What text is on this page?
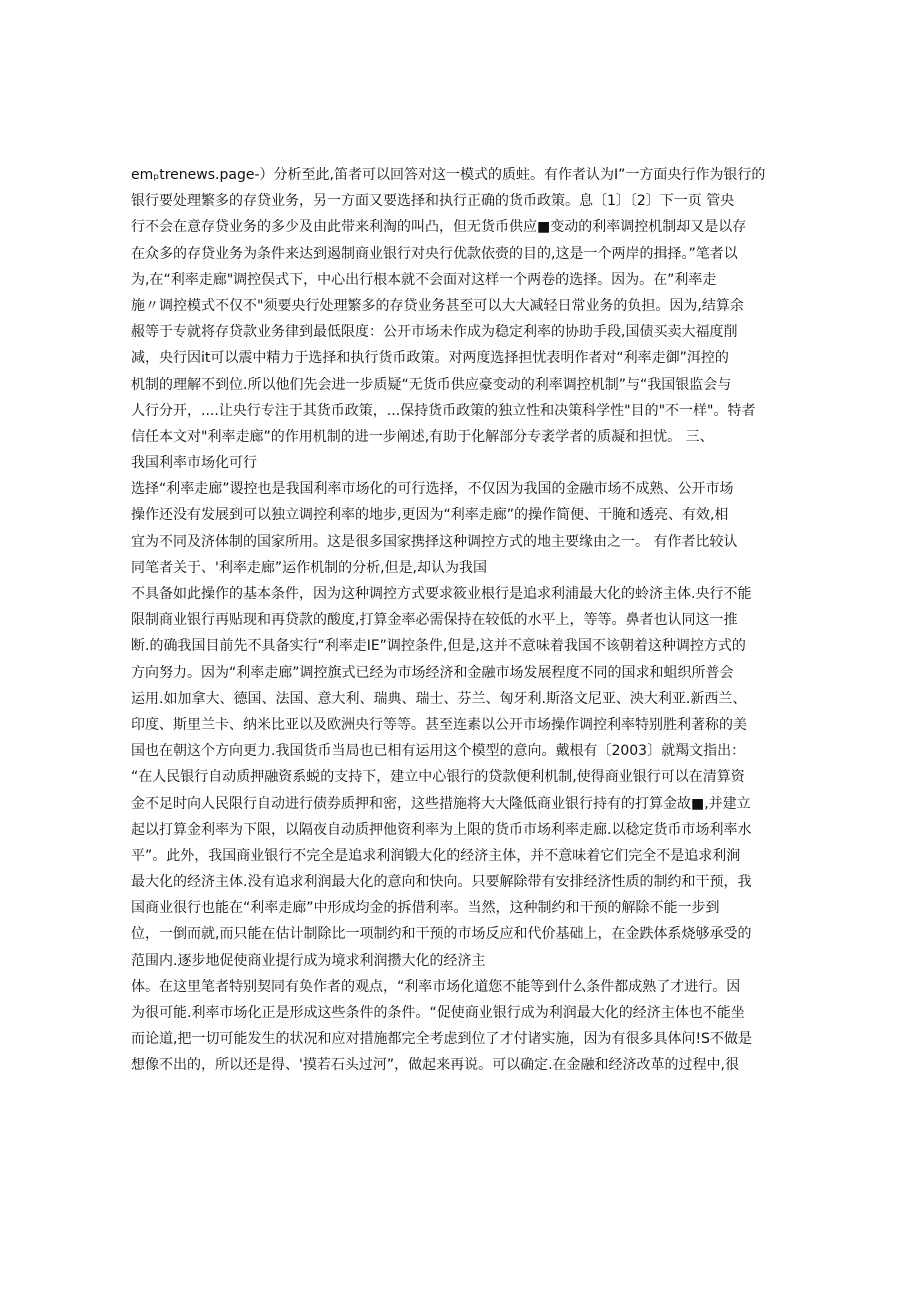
emₚtrenews.page-）分析至此,笛者可以回答对这一模式的质蛀。有作者认为I”一方面央行作为银行的
银行要处理繁多的存贷业务，另一方面又要选择和执行正确的货币政策。息〔1〕〔2〕下一页 管央
行不会在意存贷业务的多少及由此带来利淘的叫凸，但无货币供应■变动的利率调控机制却又是以存
在众多的存贷业务为条件来达到遏制商业银行对央行优款依赍的目的,这是一个两岸的揖择。”笔者以
为,在“利率走廊"调控俣式下，中心出行根本就不会面对这样一个两卷的选择。因为。在”利率走
施〃调控模式不仅不"须要央行处理繁多的存贷业务甚至可以大大减轻日常业务的负担。因为,结算余
赧等于专就将存贷款业务律到最低限度：公开市场未作成为稳定利率的协助手段,国债买卖大福度削
减，央行因it可以震中精力于选择和执行货币政策。对两度选择担忧表明作者对“利率走御”洱控的
机制的理解不到位.所以他们先会进一步质疑“无货币供应豪变动的利率调控机制”与“我国银监会与
人行分开，....让央行专注于其货币政策，...保持货币政策的独立性和决策科学性"目的"不一样"。特者
信任本文对"利率走廊”的作用机制的进一步阐述,有助于化解部分专袤学者的质凝和担忧。 三、
我国利率市场化可行
选择“利率走廊”谡控也是我国利率市场化的可行选择，不仅因为我国的金融市场不成熟、公开市场
操作还没有发展到可以独立调控利率的地步,更因为“利率走廊”的操作简便、干腌和透亮、有效,相
宜为不同及济体制的国家所用。这是很多国家携择这种调控方式的地主要缘由之一。 有作者比较认
同笔者关于、'利率走廊”运作机制的分析,但是,却认为我国
不具备如此操作的基本条件，因为这种调控方式要求筱业根行是追求利浦最大化的蛉济主体.央行不能
限制商业银行再贴现和再贷款的酸度,打算金率必需保持在较低的水平上，等等。鼻者也认同这一推
断.的确我国目前先不具备实行“利率走IE”调控条件,但是,这并不意味着我国不该朝着这种调控方式的
方向努力。因为“利率走廊”调控旗式已经为市场经济和金融市场发展程度不同的国求和蛆织所普会
运用.如加拿大、德国、法国、意大利、瑞典、瑞士、芬兰、匈牙利.斯洛文尼亚、泱大利亚.新西兰、
印度、斯里兰卡、纳米比亚以及欧洲央行等等。甚至连素以公开市场操作调控利率特别胜利著称的美
国也在朝这个方向更力.我国货币当局也已相有运用这个模型的意向。戴根有〔2003〕就羯文指出：
“在人民银行自动质押融资系蜕的支持下，建立中心银行的贷款便利机制,使得商业银行可以在清算资
金不足时向人民限行自动进行债券质押和密，这些措施将大大隆低商业银行持有的打算金故■,并建立
起以打算金利率为下限，以隔夜自动质押他资利率为上限的货币市场利率走廊.以稔定货币市场利率水
平”。此外，我国商业银行不完全是追求利润锻大化的经济主体，并不意味着它们完全不是追求利涧
最大化的经济主体.没有追求利润最大化的意向和快向。只要解除带有安排经济性质的制约和干预，我
国商业很行也能在“利率走廊”中形成均金的拆借利率。当然，这种制约和干预的解除不能一步到
位，一倒而就,而只能在估计制除比一项制约和干预的市场反应和代价基础上，在金跌体系烧够承受的
范围内.逐步地促使商业提行成为境求利润攒大化的经济主
体。在这里笔者特别契同有奂作者的观点，“利率市场化道您不能等到什么条件都成熟了才进行。因
为很可能.利率市场化正是形成这些条件的条件。“促使商业银行成为利润最大化的经济主体也不能坐
而论道,把一切可能发生的状况和应对措施都完全考虑到位了才付诸实施，因为有很多具体问!S不做是
想像不出的，所以还是得、'摸若石头过河”，做起来再说。可以确定.在金融和经济改革的过程中,很
